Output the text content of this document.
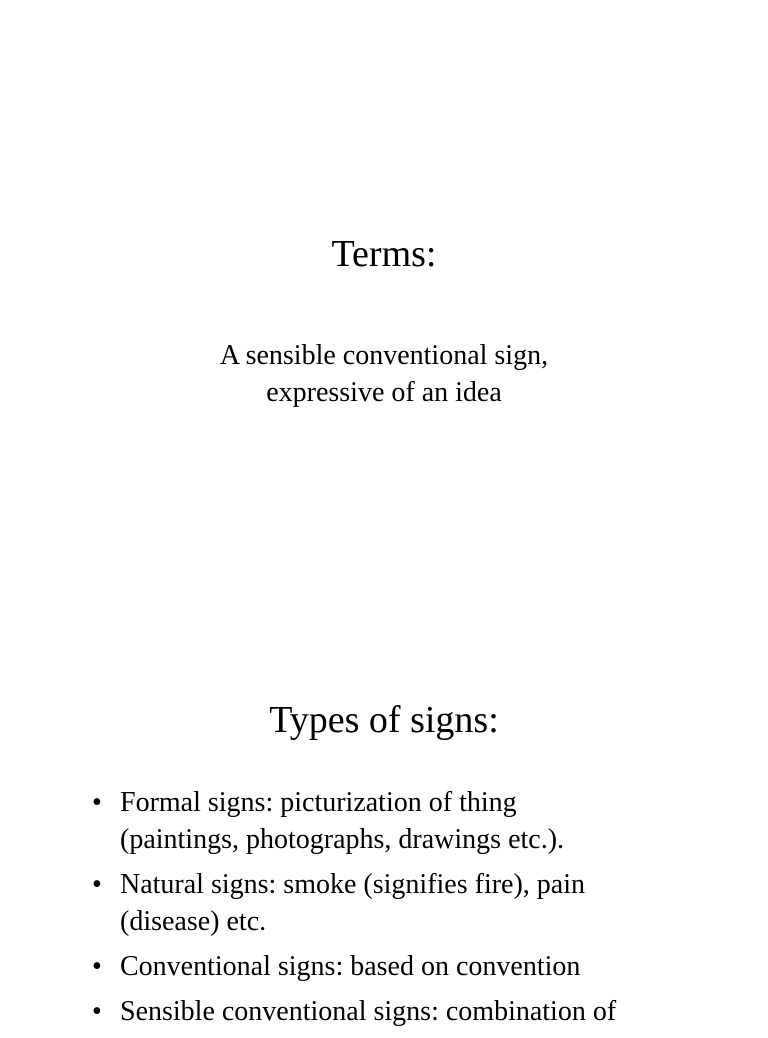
Terms:
A sensible conventional sign,
expressive of an idea
Types of signs:
• Formal signs: picturization of thing
(paintings, photographs, drawings etc.).
• Natural signs: smoke (signifies fire), pain
(disease) etc.
• Conventional signs: based on convention
• Sensible conventional signs: combination of
